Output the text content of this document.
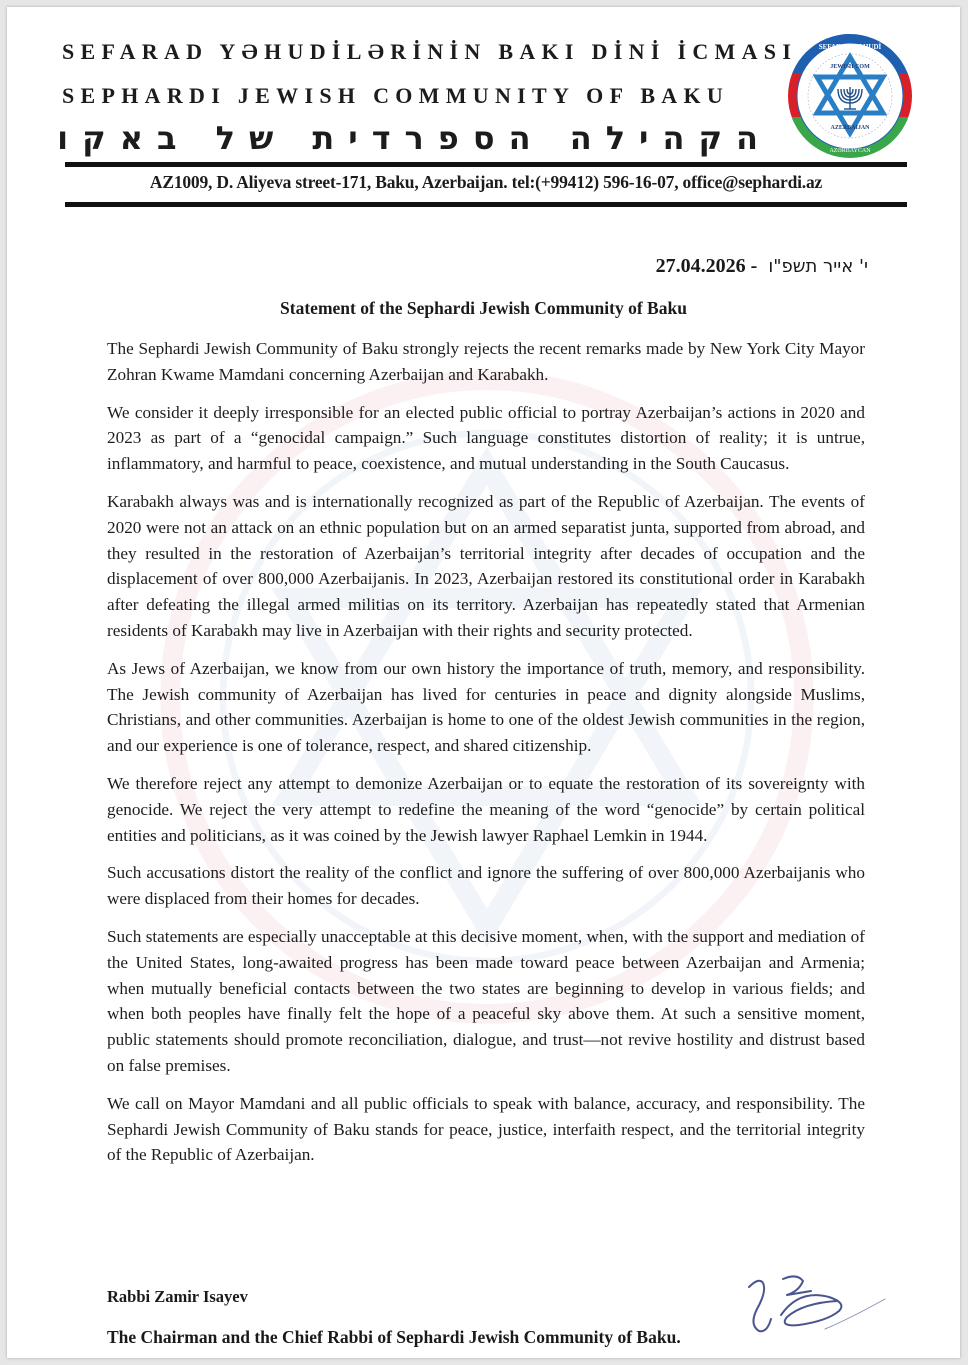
SEFARAD YƏHUDİLƏRİNİN BAKI DİNİ İCMASI
SEPHARDI JEWISH COMMUNITY OF BAKU
הקהילה הספרדית של באקו
SEFARAD YƏHUDİ
JEWISH COM
AZERBAIJAN
AZƏRBAYCAN
AZ1009, D. Aliyeva street-171, Baku, Azerbaijan. tel:(+99412) 596-16-07, office@sephardi.az
27.04.2026 - י' אייר תשפ"ו
Statement of the Sephardi Jewish Community of Baku

The Sephardi Jewish Community of Baku strongly rejects the recent remarks made by New York City Mayor Zohran Kwame Mamdani concerning Azerbaijan and Karabakh.

We consider it deeply irresponsible for an elected public official to portray Azerbaijan’s actions in 2020 and 2023 as part of a “genocidal campaign.” Such language constitutes distortion of reality; it is untrue, inflammatory, and harmful to peace, coexistence, and mutual understanding in the South Caucasus.

Karabakh always was and is internationally recognized as part of the Republic of Azerbaijan. The events of 2020 were not an attack on an ethnic population but on an armed separatist junta, supported from abroad, and they resulted in the restoration of Azerbaijan’s territorial integrity after decades of occupation and the displacement of over 800,000 Azerbaijanis. In 2023, Azerbaijan restored its constitutional order in Karabakh after defeating the illegal armed militias on its territory. Azerbaijan has repeatedly stated that Armenian residents of Karabakh may live in Azerbaijan with their rights and security protected.

As Jews of Azerbaijan, we know from our own history the importance of truth, memory, and responsibility. The Jewish community of Azerbaijan has lived for centuries in peace and dignity alongside Muslims, Christians, and other communities. Azerbaijan is home to one of the oldest Jewish communities in the region, and our experience is one of tolerance, respect, and shared citizenship.

We therefore reject any attempt to demonize Azerbaijan or to equate the restoration of its sovereignty with genocide. We reject the very attempt to redefine the meaning of the word “genocide” by certain political entities and politicians, as it was coined by the Jewish lawyer Raphael Lemkin in 1944.

Such accusations distort the reality of the conflict and ignore the suffering of over 800,000 Azerbaijanis who were displaced from their homes for decades.

Such statements are especially unacceptable at this decisive moment, when, with the support and mediation of the United States, long-awaited progress has been made toward peace between Azerbaijan and Armenia; when mutually beneficial contacts between the two states are beginning to develop in various fields; and when both peoples have finally felt the hope of a peaceful sky above them. At such a sensitive moment, public statements should promote reconciliation, dialogue, and trust—not revive hostility and distrust based on false premises.

We call on Mayor Mamdani and all public officials to speak with balance, accuracy, and responsibility. The Sephardi Jewish Community of Baku stands for peace, justice, interfaith respect, and the territorial integrity of the Republic of Azerbaijan.

Rabbi Zamir Isayev
The Chairman and the Chief Rabbi of Sephardi Jewish Community of Baku.
